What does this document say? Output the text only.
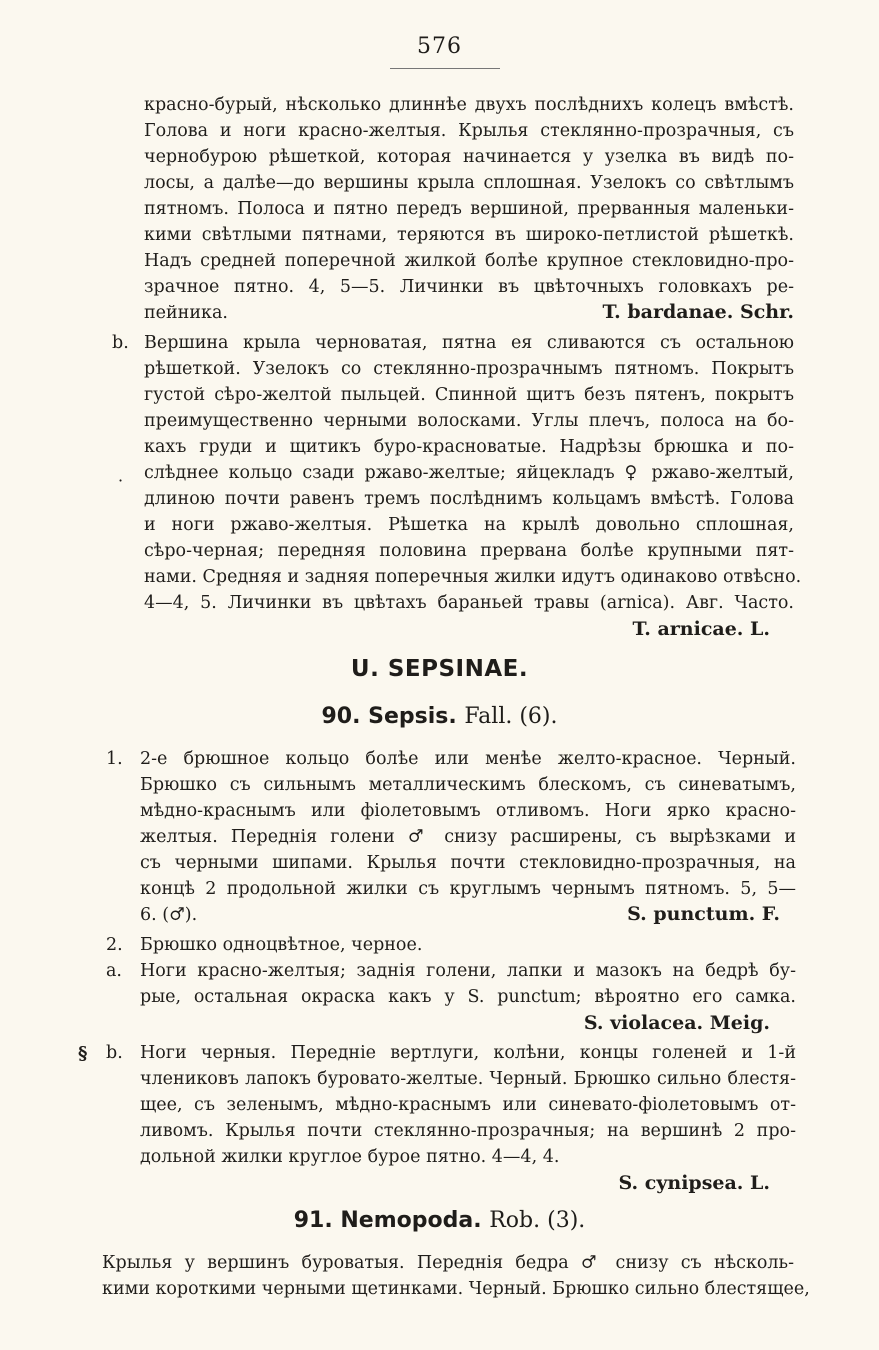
576
красно-бурый, нѣсколько длиннѣе двухъ послѣднихъ колецъ вмѣстѣ.
Голова и ноги красно-желтыя. Крылья стеклянно-прозрачныя, съ
чернобурою рѣшеткой, которая начинается у узелка въ видѣ по-
лосы, а далѣе—до вершины крыла сплошная. Узелокъ со свѣтлымъ
пятномъ. Полоса и пятно передъ вершиной, прерванныя маленьки-
кими свѣтлыми пятнами, теряются въ широко-петлистой рѣшеткѣ.
Надъ средней поперечной жилкой болѣе крупное стекловидно-про-
зрачное пятно. 4, 5—5. Личинки въ цвѣточныхъ головкахъ ре-
пейника.	T. bardanae. Schr.
b. Вершина крыла черноватая, пятна ея сливаются съ остальною
рѣшеткой. Узелокъ со стеклянно-прозрачнымъ пятномъ. Покрытъ
густой сѣро-желтой пыльцей. Спинной щитъ безъ пятенъ, покрытъ
преимущественно черными волосками. Углы плечъ, полоса на бо-
кахъ груди и щитикъ буро-красноватые. Надрѣзы брюшка и по-
слѣднее кольцо сзади ржаво-желтые; яйцекладъ ♀ ржаво-желтый,
·
длиною почти равенъ тремъ послѣднимъ кольцамъ вмѣстѣ. Голова
и ноги ржаво-желтыя. Рѣшетка на крылѣ довольно сплошная,
сѣро-черная; передняя половина прервана болѣе крупными пят-
нами. Средняя и задняя поперечныя жилки идутъ одинаково отвѣсно.
4—4, 5. Личинки въ цвѣтахъ бараньей травы (arnica). Авг. Часто.
T. arnicae. L.
U. SEPSINAE.
90. Sepsis. Fall. (6).
1. 2-е брюшное кольцо болѣе или менѣе желто-красное. Черный.
Брюшко съ сильнымъ металлическимъ блескомъ, съ синеватымъ,
мѣдно-краснымъ или фіолетовымъ отливомъ. Ноги ярко красно-
желтыя. Переднія голени ♂ снизу расширены, съ вырѣзками и
съ черными шипами. Крылья почти стекловидно-прозрачныя, на
концѣ 2 продольной жилки съ круглымъ чернымъ пятномъ. 5, 5—
6. (♂).	S. punctum. F.
2. Брюшко одноцвѣтное, черное.
a. Ноги красно-желтыя; заднія голени, лапки и мазокъ на бедрѣ бу-
рые, остальная окраска какъ у S. punctum; вѣроятно его самка.
S. violacea. Meig.
§ b. Ноги черныя. Передніе вертлуги, колѣни, концы голеней и 1-й
члениковъ лапокъ буровато-желтые. Черный. Брюшко сильно блестя-
щее, съ зеленымъ, мѣдно-краснымъ или синевато-фіолетовымъ от-
ливомъ. Крылья почти стеклянно-прозрачныя; на вершинѣ 2 про-
дольной жилки круглое бурое пятно. 4—4, 4.
S. cynipsea. L.
91. Nemopoda. Rob. (3).
Крылья у вершинъ буроватыя. Переднія бедра ♂ снизу съ нѣсколь-
кими короткими черными щетинками. Черный. Брюшко сильно блестящее,
